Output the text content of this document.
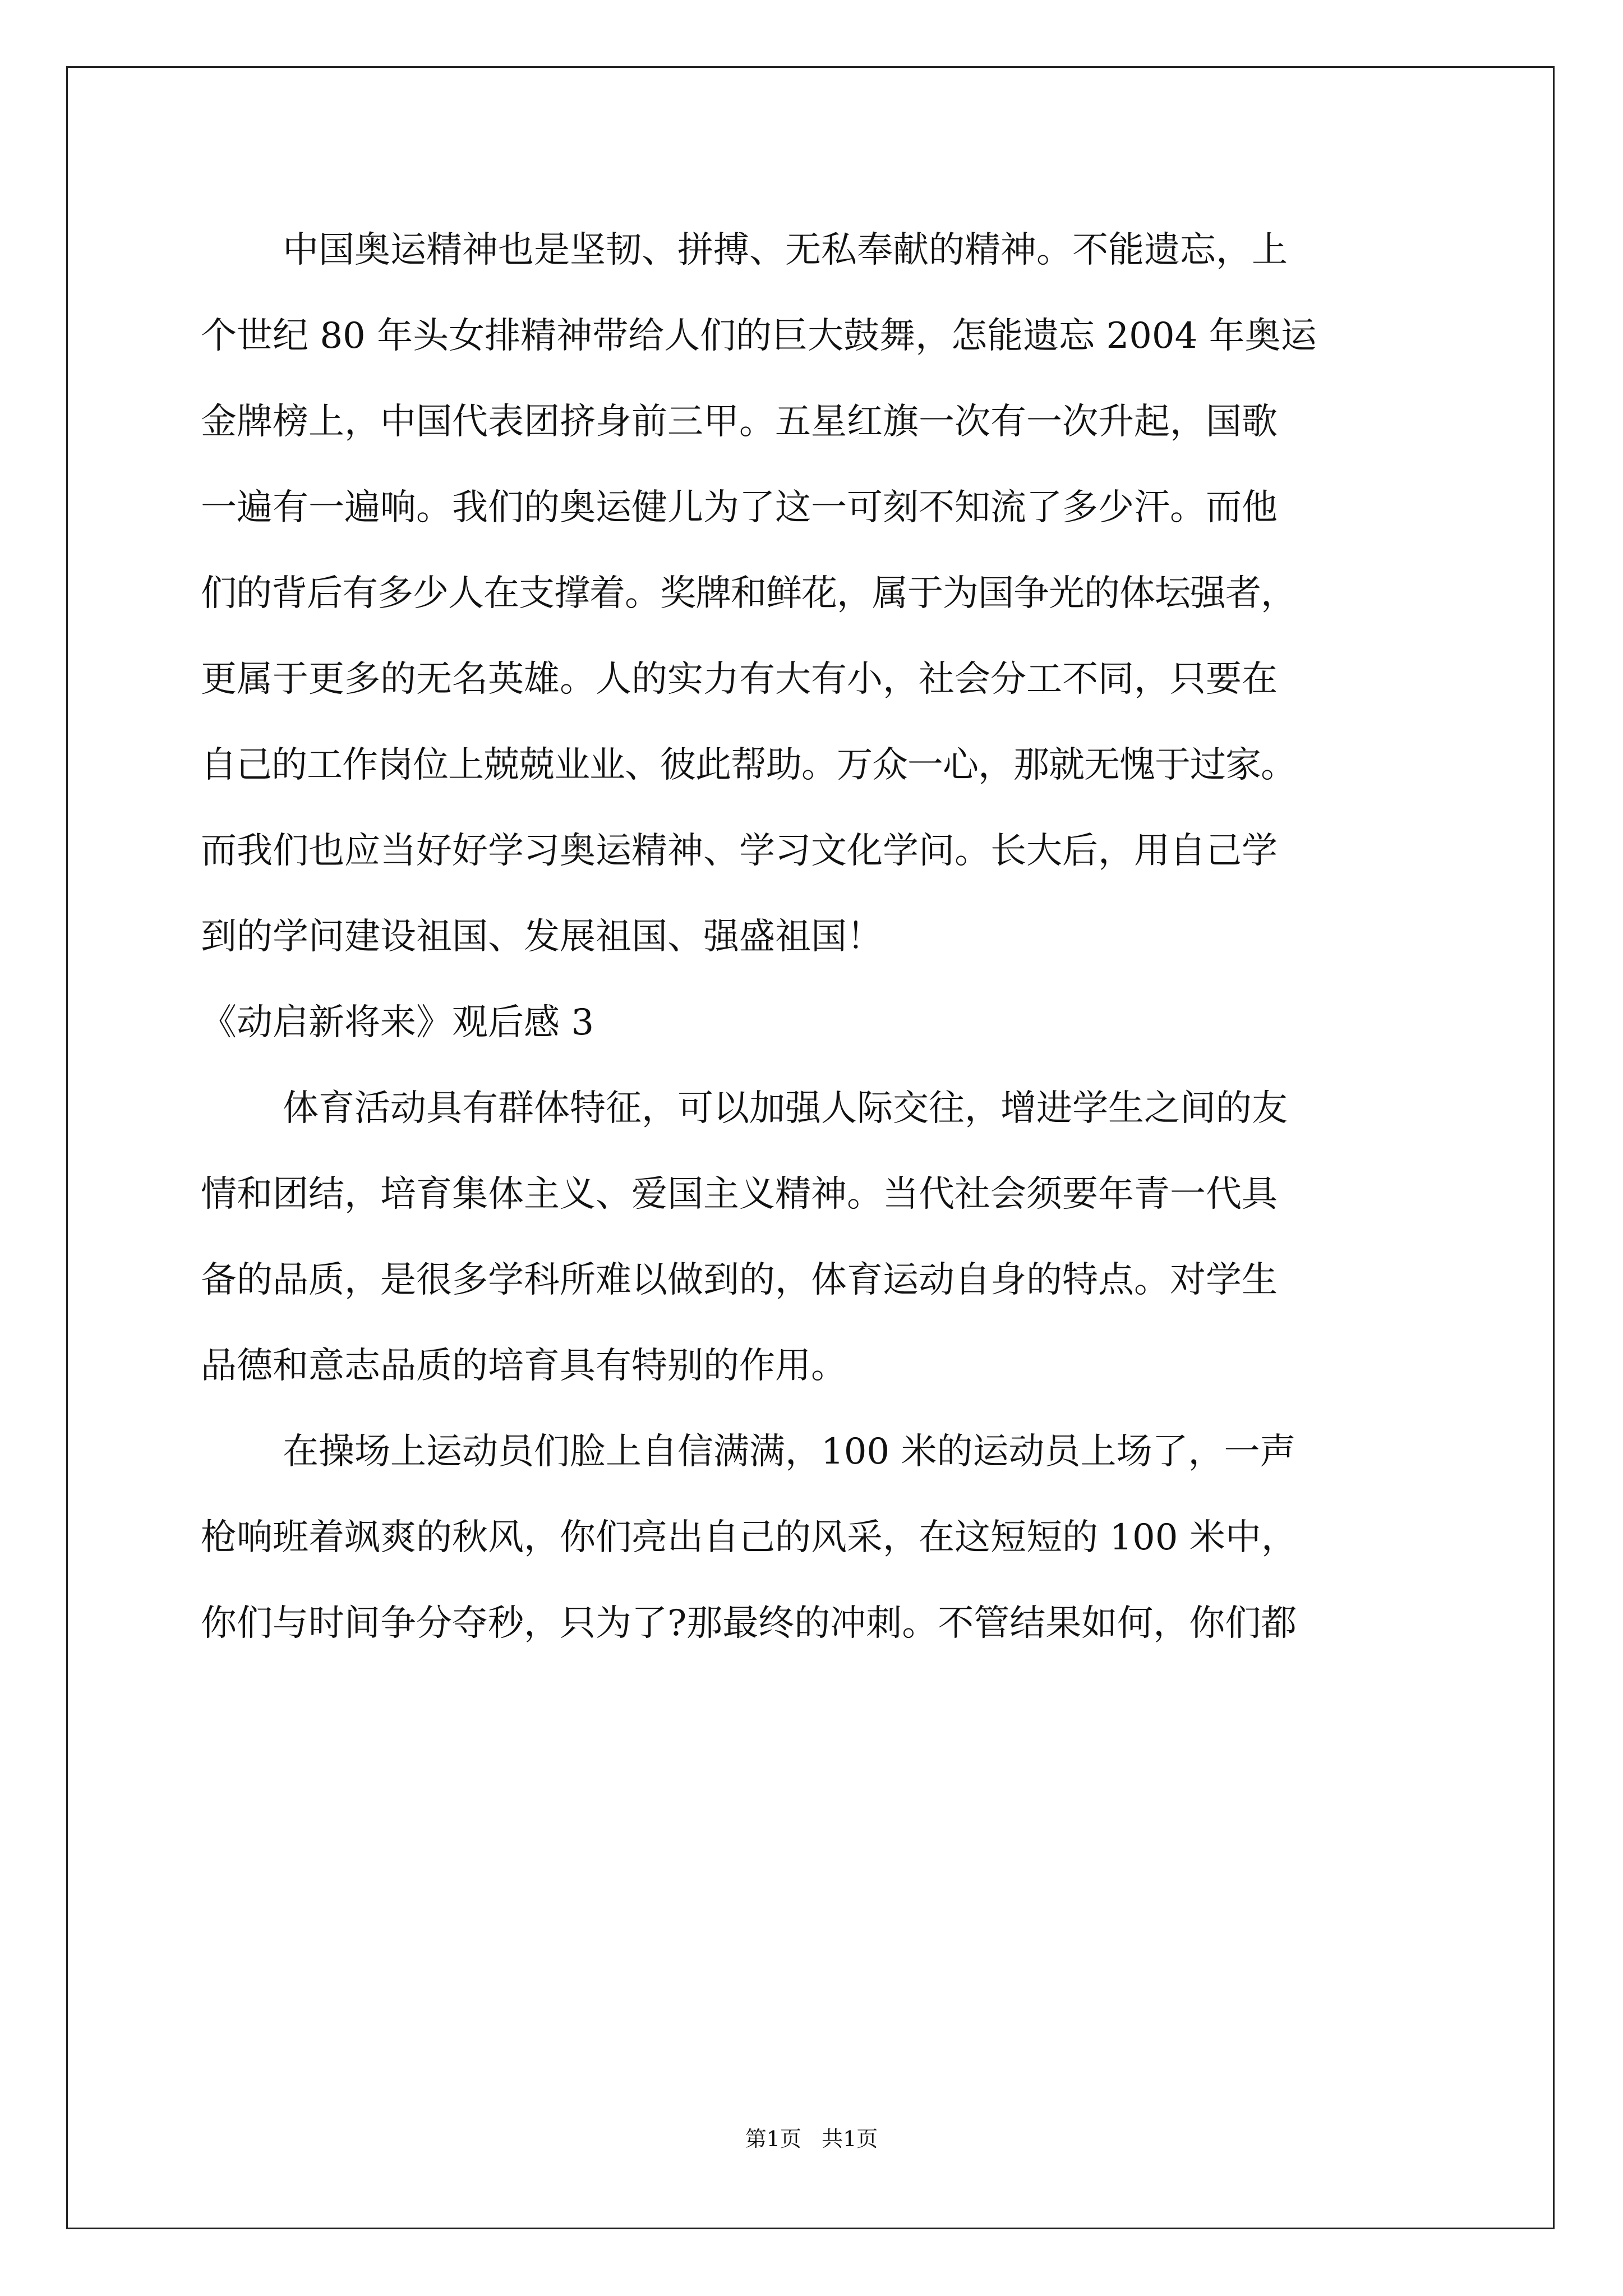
中国奥运精神也是坚韧、拼搏、无私奉献的精神。不能遗忘，上
个世纪 80 年头女排精神带给人们的巨大鼓舞，怎能遗忘 2004 年奥运
金牌榜上，中国代表团挤身前三甲。五星红旗一次有一次升起，国歌
一遍有一遍响。我们的奥运健儿为了这一可刻不知流了多少汗。而他
们的背后有多少人在支撑着。奖牌和鲜花，属于为国争光的体坛强者，
更属于更多的无名英雄。人的实力有大有小，社会分工不同，只要在
自己的工作岗位上兢兢业业、彼此帮助。万众一心，那就无愧于过家。
而我们也应当好好学习奥运精神、学习文化学问。长大后，用自己学
到的学问建设祖国、发展祖国、强盛祖国！
《动启新将来》观后感 3
体育活动具有群体特征，可以加强人际交往，增进学生之间的友
情和团结，培育集体主义、爱国主义精神。当代社会须要年青一代具
备的品质，是很多学科所难以做到的，体育运动自身的特点。对学生
品德和意志品质的培育具有特别的作用。
在操场上运动员们脸上自信满满，100 米的运动员上场了，一声
枪响班着飒爽的秋风，你们亮出自己的风采，在这短短的 100 米中，
你们与时间争分夺秒，只为了?那最终的冲刺。不管结果如何，你们都
第1页   共1页
